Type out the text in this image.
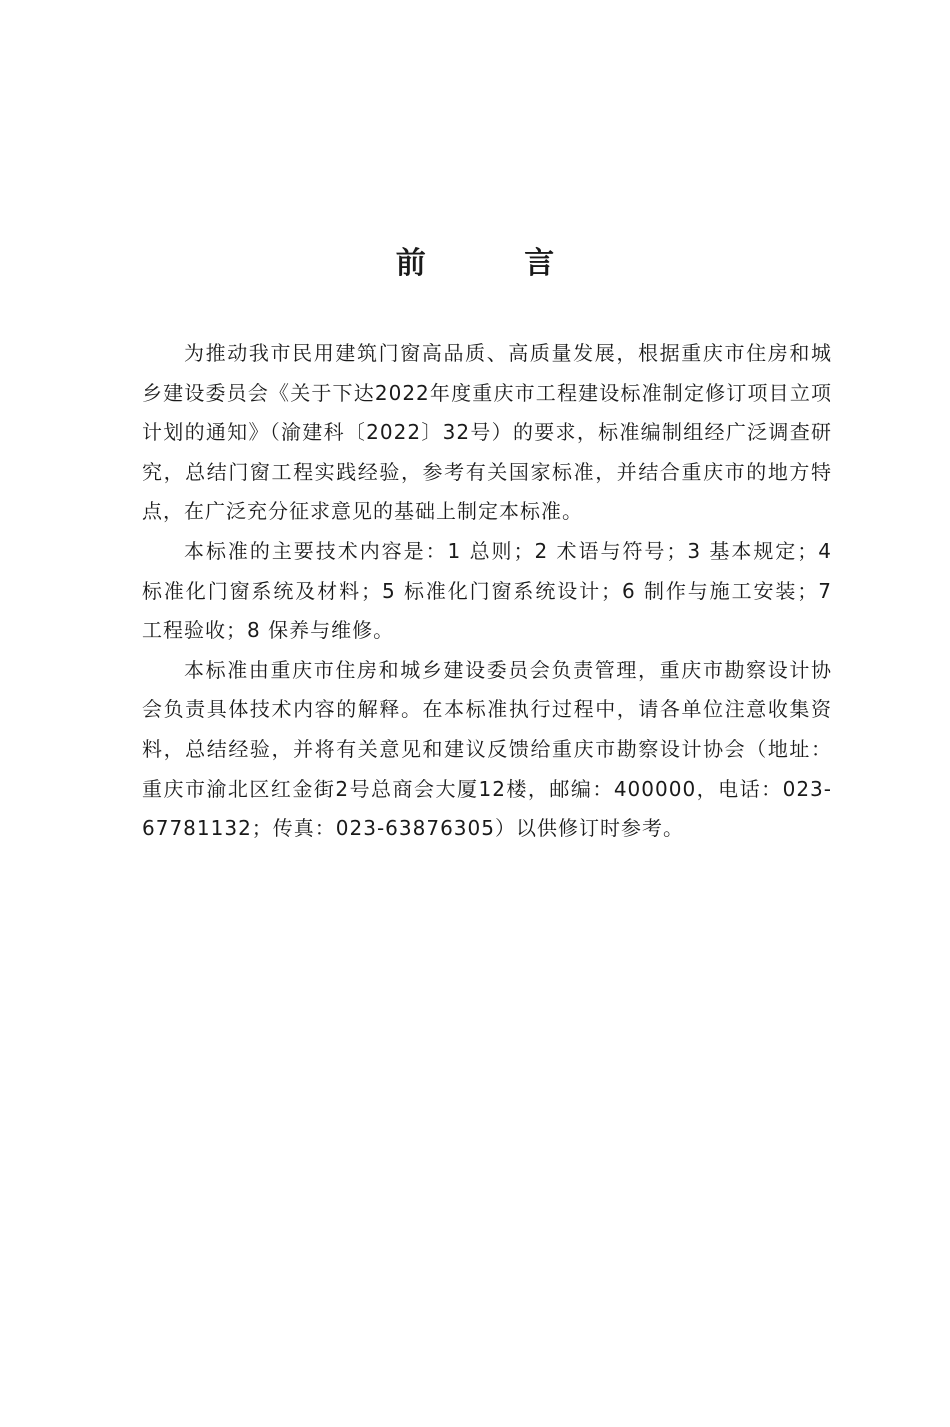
前 言

为推动我市民用建筑门窗高品质、高质量发展，根据重庆市住房和城乡建设委员会《关于下达2022年度重庆市工程建设标准制定修订项目立项计划的通知》（渝建科〔2022〕32号）的要求，标准编制组经广泛调查研究，总结门窗工程实践经验，参考有关国家标准，并结合重庆市的地方特点，在广泛充分征求意见的基础上制定本标准。

本标准的主要技术内容是：1 总则；2 术语与符号；3 基本规定；4 标准化门窗系统及材料；5 标准化门窗系统设计；6 制作与施工安装；7 工程验收；8 保养与维修。

本标准由重庆市住房和城乡建设委员会负责管理，重庆市勘察设计协会负责具体技术内容的解释。在本标准执行过程中，请各单位注意收集资料，总结经验，并将有关意见和建议反馈给重庆市勘察设计协会（地址：重庆市渝北区红金街2号总商会大厦12楼，邮编：400000，电话：023-67781132；传真：023-63876305）以供修订时参考。
